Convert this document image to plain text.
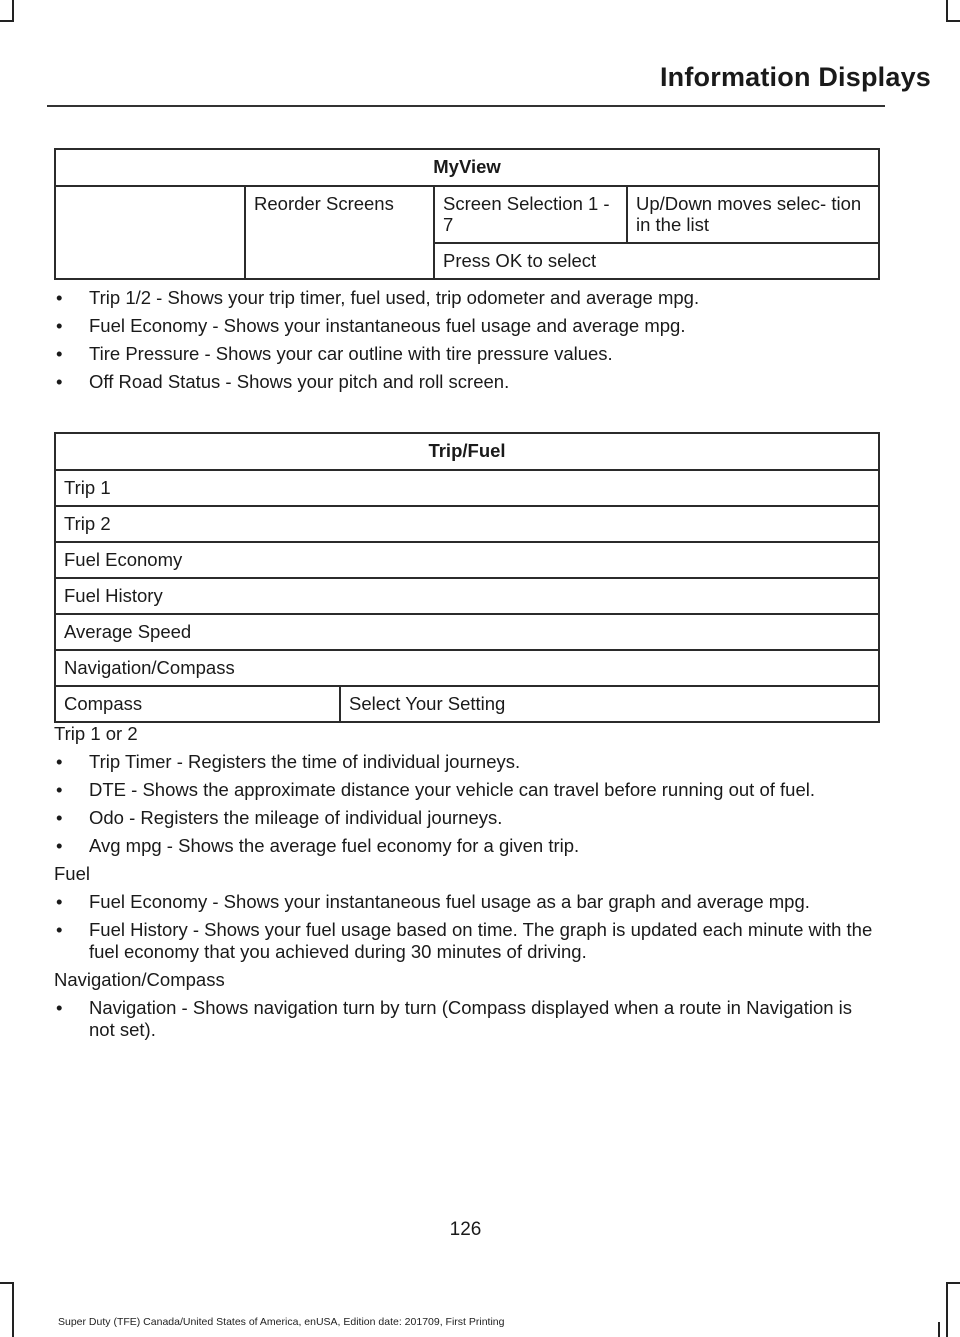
Information Displays
MyView
	Reorder Screens	Screen Selection 1 - 7	Up/Down moves selec- tion in the list
Press OK to select
• Trip 1/2 - Shows your trip timer, fuel used, trip odometer and average mpg.
• Fuel Economy - Shows your instantaneous fuel usage and average mpg.
• Tire Pressure - Shows your car outline with tire pressure values.
• Off Road Status - Shows your pitch and roll screen.
Trip/Fuel
Trip 1
Trip 2
Fuel Economy
Fuel History
Average Speed
Navigation/Compass
Compass	Select Your Setting
Trip 1 or 2
• Trip Timer - Registers the time of individual journeys.
• DTE - Shows the approximate distance your vehicle can travel before running out of fuel.
• Odo - Registers the mileage of individual journeys.
• Avg mpg - Shows the average fuel economy for a given trip.
Fuel
• Fuel Economy - Shows your instantaneous fuel usage as a bar graph and average mpg.
• Fuel History - Shows your fuel usage based on time. The graph is updated each minute with the fuel economy that you achieved during 30 minutes of driving.
Navigation/Compass
• Navigation - Shows navigation turn by turn (Compass displayed when a route in Navigation is not set).
126
Super Duty (TFE) Canada/United States of America, enUSA, Edition date: 201709, First Printing
